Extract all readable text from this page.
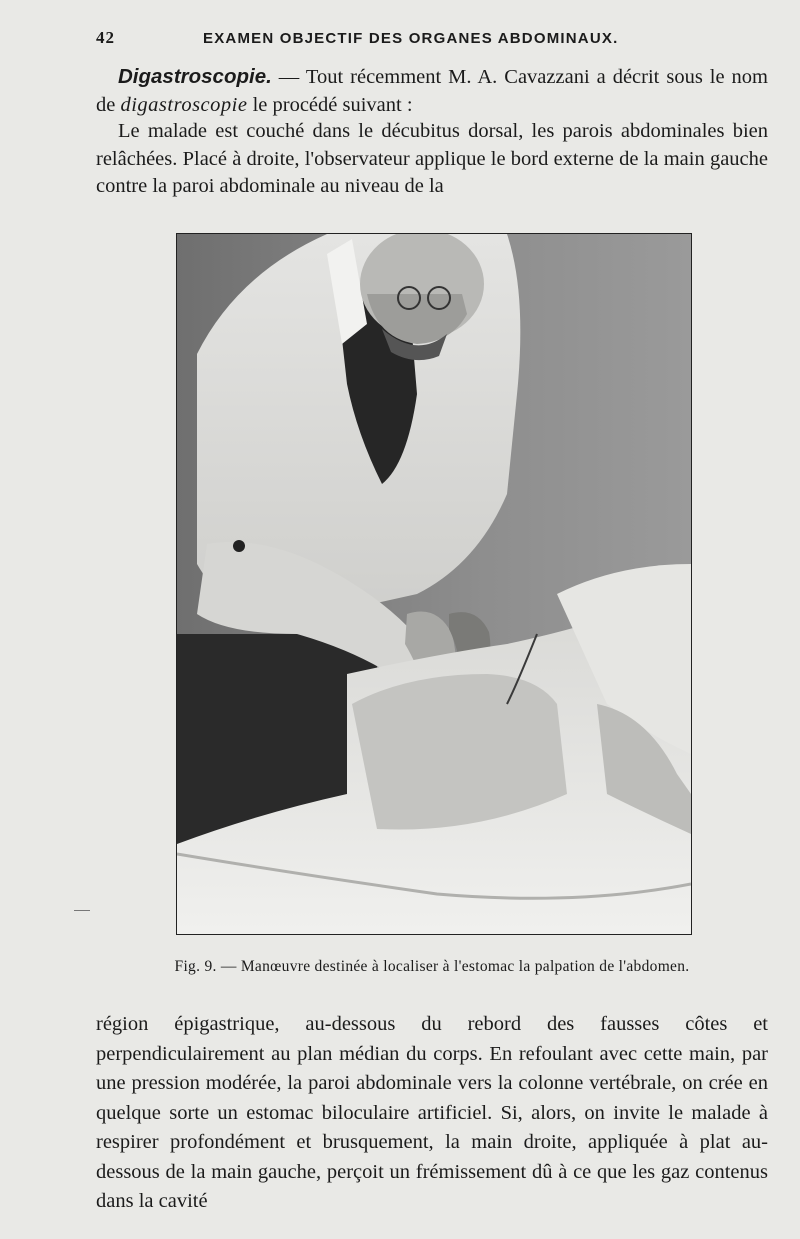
42	EXAMEN OBJECTIF DES ORGANES ABDOMINAUX.

Digastroscopie. — Tout récemment M. A. Cavazzani a décrit sous le nom de digastroscopie le procédé suivant :

Le malade est couché dans le décubitus dorsal, les parois abdominales bien relâchées. Placé à droite, l'observateur applique le bord externe de la main gauche contre la paroi abdominale au niveau de la

Fig. 9. — Manœuvre destinée à localiser à l'estomac la palpation de l'abdomen.

région épigastrique, au-dessous du rebord des fausses côtes et perpendiculairement au plan médian du corps. En refoulant avec cette main, par une pression modérée, la paroi abdominale vers la colonne vertébrale, on crée en quelque sorte un estomac biloculaire artificiel. Si, alors, on invite le malade à respirer profondément et brusquement, la main droite, appliquée à plat au-dessous de la main gauche, perçoit un frémissement dû à ce que les gaz contenus dans la cavité
